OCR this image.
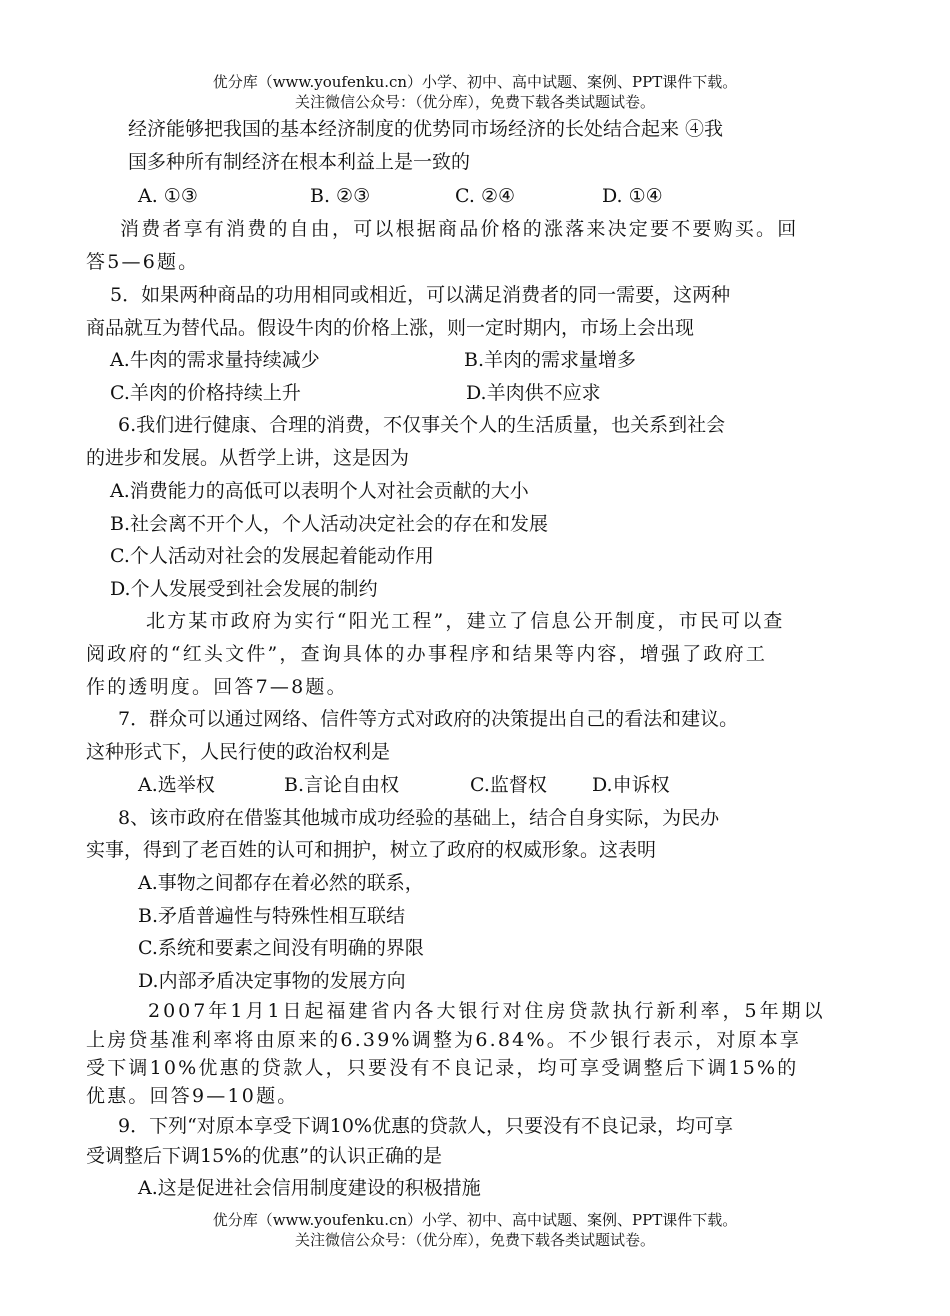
优分库（www.youfenku.cn）小学、初中、高中试题、案例、PPT课件下载。
关注微信公众号：（优分库），免费下载各类试题试卷。
经济能够把我国的基本经济制度的优势同市场经济的长处结合起来 ④我
国多种所有制经济在根本利益上是一致的
A. ①③	B. ②③	C. ②④	D. ①④
消费者享有消费的自由，可以根据商品价格的涨落来决定要不要购买。回
答5—6题。
5．如果两种商品的功用相同或相近，可以满足消费者的同一需要，这两种
商品就互为替代品。假设牛肉的价格上涨，则一定时期内，市场上会出现
A.牛肉的需求量持续减少	B.羊肉的需求量增多
C.羊肉的价格持续上升	D.羊肉供不应求
6.我们进行健康、合理的消费，不仅事关个人的生活质量，也关系到社会
的进步和发展。从哲学上讲，这是因为
A.消费能力的高低可以表明个人对社会贡献的大小
B.社会离不开个人，个人活动决定社会的存在和发展
C.个人活动对社会的发展起着能动作用
D.个人发展受到社会发展的制约
北方某市政府为实行“阳光工程”，建立了信息公开制度，市民可以查
阅政府的“红头文件”，查询具体的办事程序和结果等内容，增强了政府工
作的透明度。回答7—8题。
7．群众可以通过网络、信件等方式对政府的决策提出自己的看法和建议。
这种形式下，人民行使的政治权利是
A.选举权	B.言论自由权	C.监督权 D.申诉权
8、该市政府在借鉴其他城市成功经验的基础上，结合自身实际，为民办
实事，得到了老百姓的认可和拥护，树立了政府的权威形象。这表明
A.事物之间都存在着必然的联系，
B.矛盾普遍性与特殊性相互联结
C.系统和要素之间没有明确的界限
D.内部矛盾决定事物的发展方向
2007年1月1日起福建省内各大银行对住房贷款执行新利率，5年期以
上房贷基准利率将由原来的6.39%调整为6.84%。不少银行表示，对原本享
受下调10%优惠的贷款人，只要没有不良记录，均可享受调整后下调15%的
优惠。回答9—10题。
9．下列“对原本享受下调10%优惠的贷款人，只要没有不良记录，均可享
受调整后下调15%的优惠”的认识正确的是
A.这是促进社会信用制度建设的积极措施
优分库（www.youfenku.cn）小学、初中、高中试题、案例、PPT课件下载。
关注微信公众号：（优分库），免费下载各类试题试卷。
